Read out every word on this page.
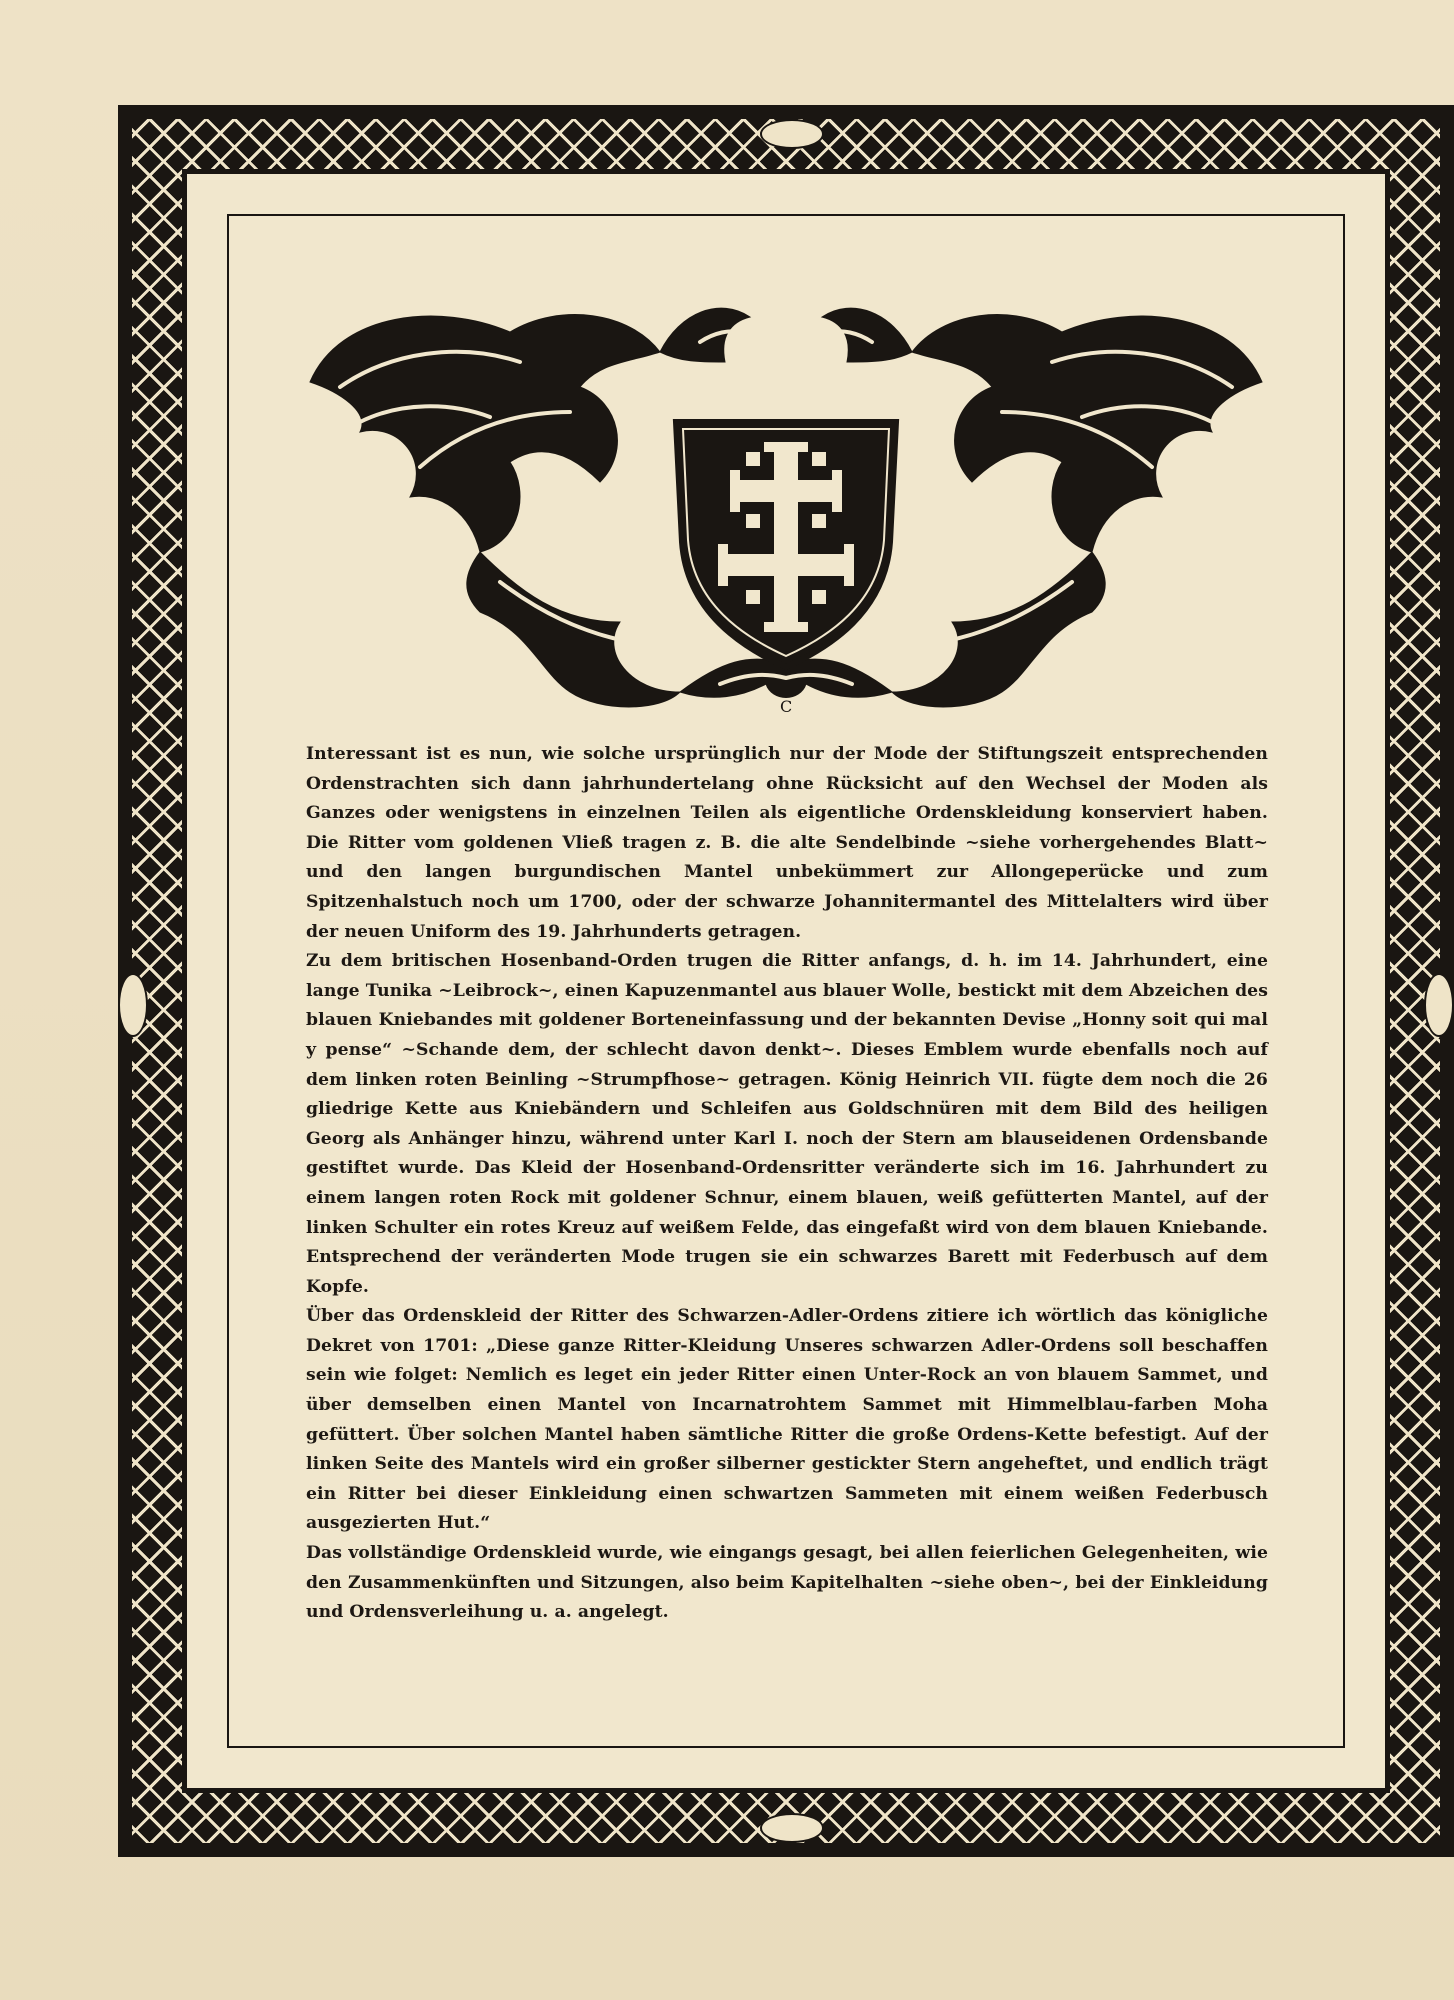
C

Interessant ist es nun, wie solche ursprünglich nur der Mode der Stiftungszeit entsprechenden Ordenstrachten sich dann jahrhundertelang ohne Rücksicht auf den Wechsel der Moden als Ganzes oder wenigstens in einzelnen Teilen als eigentliche Ordenskleidung konserviert haben. Die Ritter vom goldenen Vließ tragen z. B. die alte Sendelbinde ~siehe vorhergehendes Blatt~ und den langen burgundischen Mantel unbekümmert zur Allongeperücke und zum Spitzenhalstuch noch um 1700, oder der schwarze Johannitermantel des Mittelalters wird über der neuen Uniform des 19. Jahrhunderts getragen.

Zu dem britischen Hosenband-Orden trugen die Ritter anfangs, d. h. im 14. Jahrhundert, eine lange Tunika ~Leibrock~, einen Kapuzenmantel aus blauer Wolle, bestickt mit dem Abzeichen des blauen Kniebandes mit goldener Borteneinfassung und der bekannten Devise „Honny soit qui mal y pense“ ~Schande dem, der schlecht davon denkt~. Dieses Emblem wurde ebenfalls noch auf dem linken roten Beinling ~Strumpfhose~ getragen. König Heinrich VII. fügte dem noch die 26 gliedrige Kette aus Kniebändern und Schleifen aus Goldschnüren mit dem Bild des heiligen Georg als Anhänger hinzu, während unter Karl I. noch der Stern am blauseidenen Ordensbande gestiftet wurde. Das Kleid der Hosenband-Ordensritter veränderte sich im 16. Jahrhundert zu einem langen roten Rock mit goldener Schnur, einem blauen, weiß gefütterten Mantel, auf der linken Schulter ein rotes Kreuz auf weißem Felde, das eingefaßt wird von dem blauen Kniebande. Entsprechend der veränderten Mode trugen sie ein schwarzes Barett mit Federbusch auf dem Kopfe.

Über das Ordenskleid der Ritter des Schwarzen-Adler-Ordens zitiere ich wörtlich das königliche Dekret von 1701: „Diese ganze Ritter-Kleidung Unseres schwarzen Adler-Ordens soll beschaffen sein wie folget: Nemlich es leget ein jeder Ritter einen Unter-Rock an von blauem Sammet, und über demselben einen Mantel von Incarnatrohtem Sammet mit Himmelblau-farben Moha gefüttert. Über solchen Mantel haben sämtliche Ritter die große Ordens-Kette befestigt. Auf der linken Seite des Mantels wird ein großer silberner gestickter Stern angeheftet, und endlich trägt ein Ritter bei dieser Einkleidung einen schwartzen Sammeten mit einem weißen Federbusch ausgezierten Hut.“

Das vollständige Ordenskleid wurde, wie eingangs gesagt, bei allen feierlichen Gelegenheiten, wie den Zusammenkünften und Sitzungen, also beim Kapitelhalten ~siehe oben~, bei der Einkleidung und Ordensverleihung u. a. angelegt.
